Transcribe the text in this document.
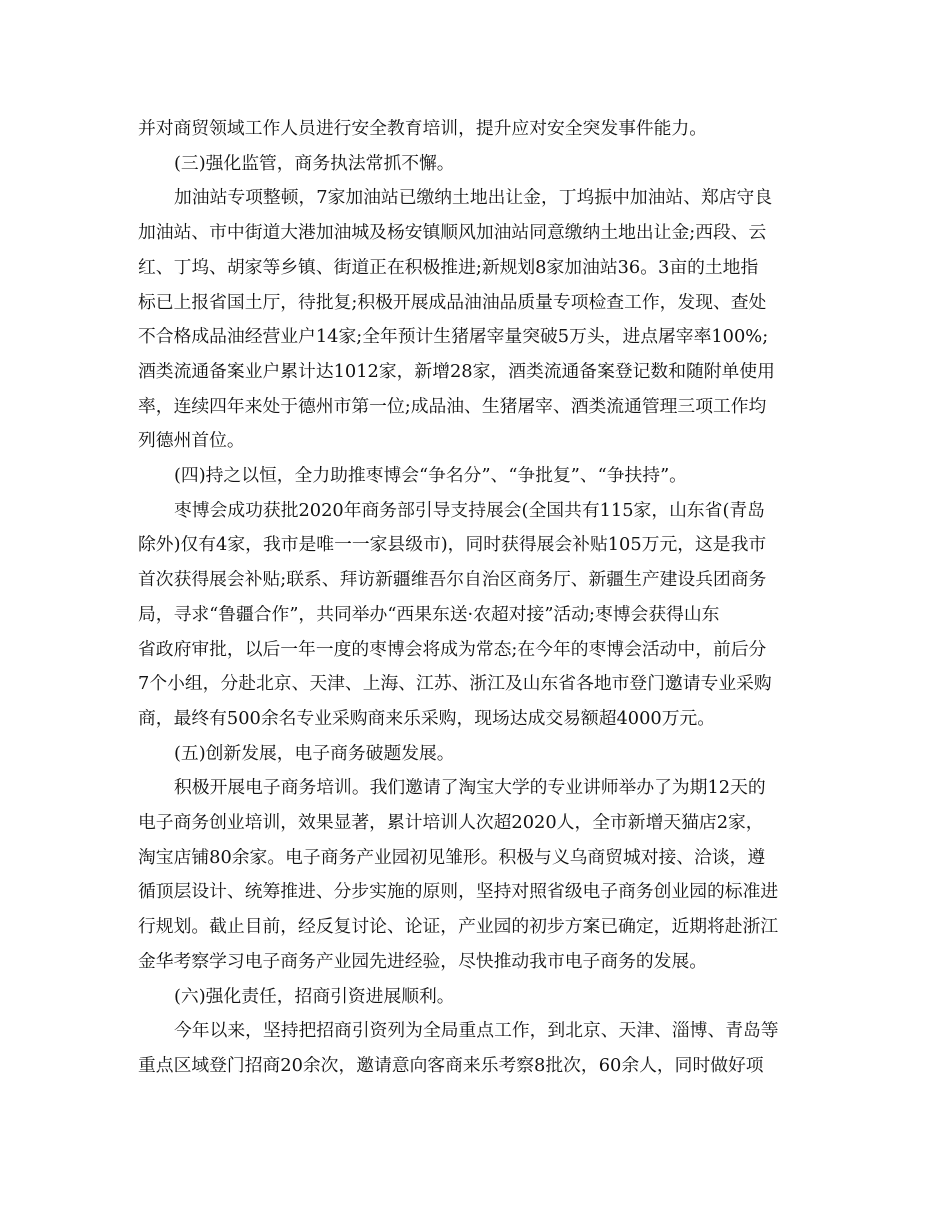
并对商贸领域工作人员进行安全教育培训，提升应对安全突发事件能力。

(三)强化监管，商务执法常抓不懈。

加油站专项整顿，7家加油站已缴纳土地出让金，丁坞振中加油站、郑店守良

加油站、市中街道大港加油城及杨安镇顺风加油站同意缴纳土地出让金;西段、云

红、丁坞、胡家等乡镇、街道正在积极推进;新规划8家加油站36。3亩的土地指

标已上报省国土厅，待批复;积极开展成品油油品质量专项检查工作，发现、查处

不合格成品油经营业户14家;全年预计生猪屠宰量突破5万头，进点屠宰率100%;

酒类流通备案业户累计达1012家，新增28家，酒类流通备案登记数和随附单使用

率，连续四年来处于德州市第一位;成品油、生猪屠宰、酒类流通管理三项工作均

列德州首位。

(四)持之以恒，全力助推枣博会“争名分”、“争批复”、“争扶持”。

枣博会成功获批2020年商务部引导支持展会(全国共有115家，山东省(青岛

除外)仅有4家，我市是唯一一家县级市)，同时获得展会补贴105万元，这是我市

首次获得展会补贴;联系、拜访新疆维吾尔自治区商务厅、新疆生产建设兵团商务

局，寻求“鲁疆合作”，共同举办“西果东送·农超对接”活动;枣博会获得山东

省政府审批，以后一年一度的枣博会将成为常态;在今年的枣博会活动中，前后分

7个小组，分赴北京、天津、上海、江苏、浙江及山东省各地市登门邀请专业采购

商，最终有500余名专业采购商来乐采购，现场达成交易额超4000万元。

(五)创新发展，电子商务破题发展。

积极开展电子商务培训。我们邀请了淘宝大学的专业讲师举办了为期12天的

电子商务创业培训，效果显著，累计培训人次超2020人，全市新增天猫店2家，

淘宝店铺80余家。电子商务产业园初见雏形。积极与义乌商贸城对接、洽谈，遵

循顶层设计、统筹推进、分步实施的原则，坚持对照省级电子商务创业园的标准进

行规划。截止目前，经反复讨论、论证，产业园的初步方案已确定，近期将赴浙江

金华考察学习电子商务产业园先进经验，尽快推动我市电子商务的发展。

(六)强化责任，招商引资进展顺利。

今年以来，坚持把招商引资列为全局重点工作，到北京、天津、淄博、青岛等

重点区域登门招商20余次，邀请意向客商来乐考察8批次，60余人，同时做好项
